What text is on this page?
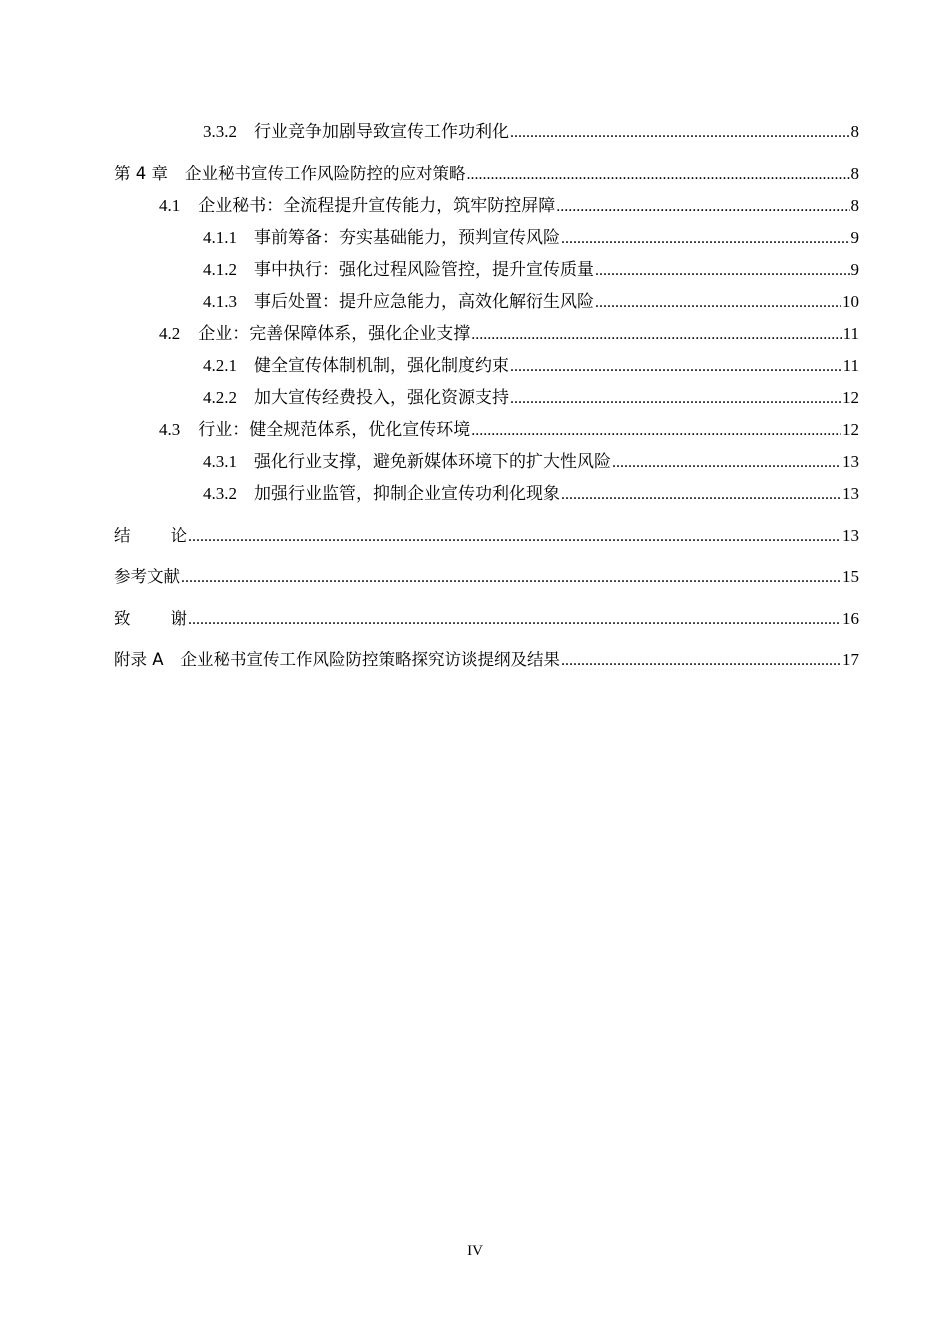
3.3.2 行业竞争加剧导致宣传工作功利化 .....	8
第 4 章 企业秘书宣传工作风险防控的应对策略 .....	8
4.1 企业秘书：全流程提升宣传能力，筑牢防控屏障 .....	8
4.1.1 事前筹备：夯实基础能力，预判宣传风险 .....	9
4.1.2 事中执行：强化过程风险管控，提升宣传质量 .....	9
4.1.3 事后处置：提升应急能力，高效化解衍生风险 .....	10
4.2 企业：完善保障体系，强化企业支撑 .....	11
4.2.1 健全宣传体制机制，强化制度约束 .....	11
4.2.2 加大宣传经费投入，强化资源支持 .....	12
4.3 行业：健全规范体系，优化宣传环境 .....	12
4.3.1 强化行业支撑，避免新媒体环境下的扩大性风险 .....	13
4.3.2 加强行业监管，抑制企业宣传功利化现象 .....	13
结论 .....	13
参考文献 .....	15
致谢 .....	16
附录 A 企业秘书宣传工作风险防控策略探究访谈提纲及结果 .....	17
IV
